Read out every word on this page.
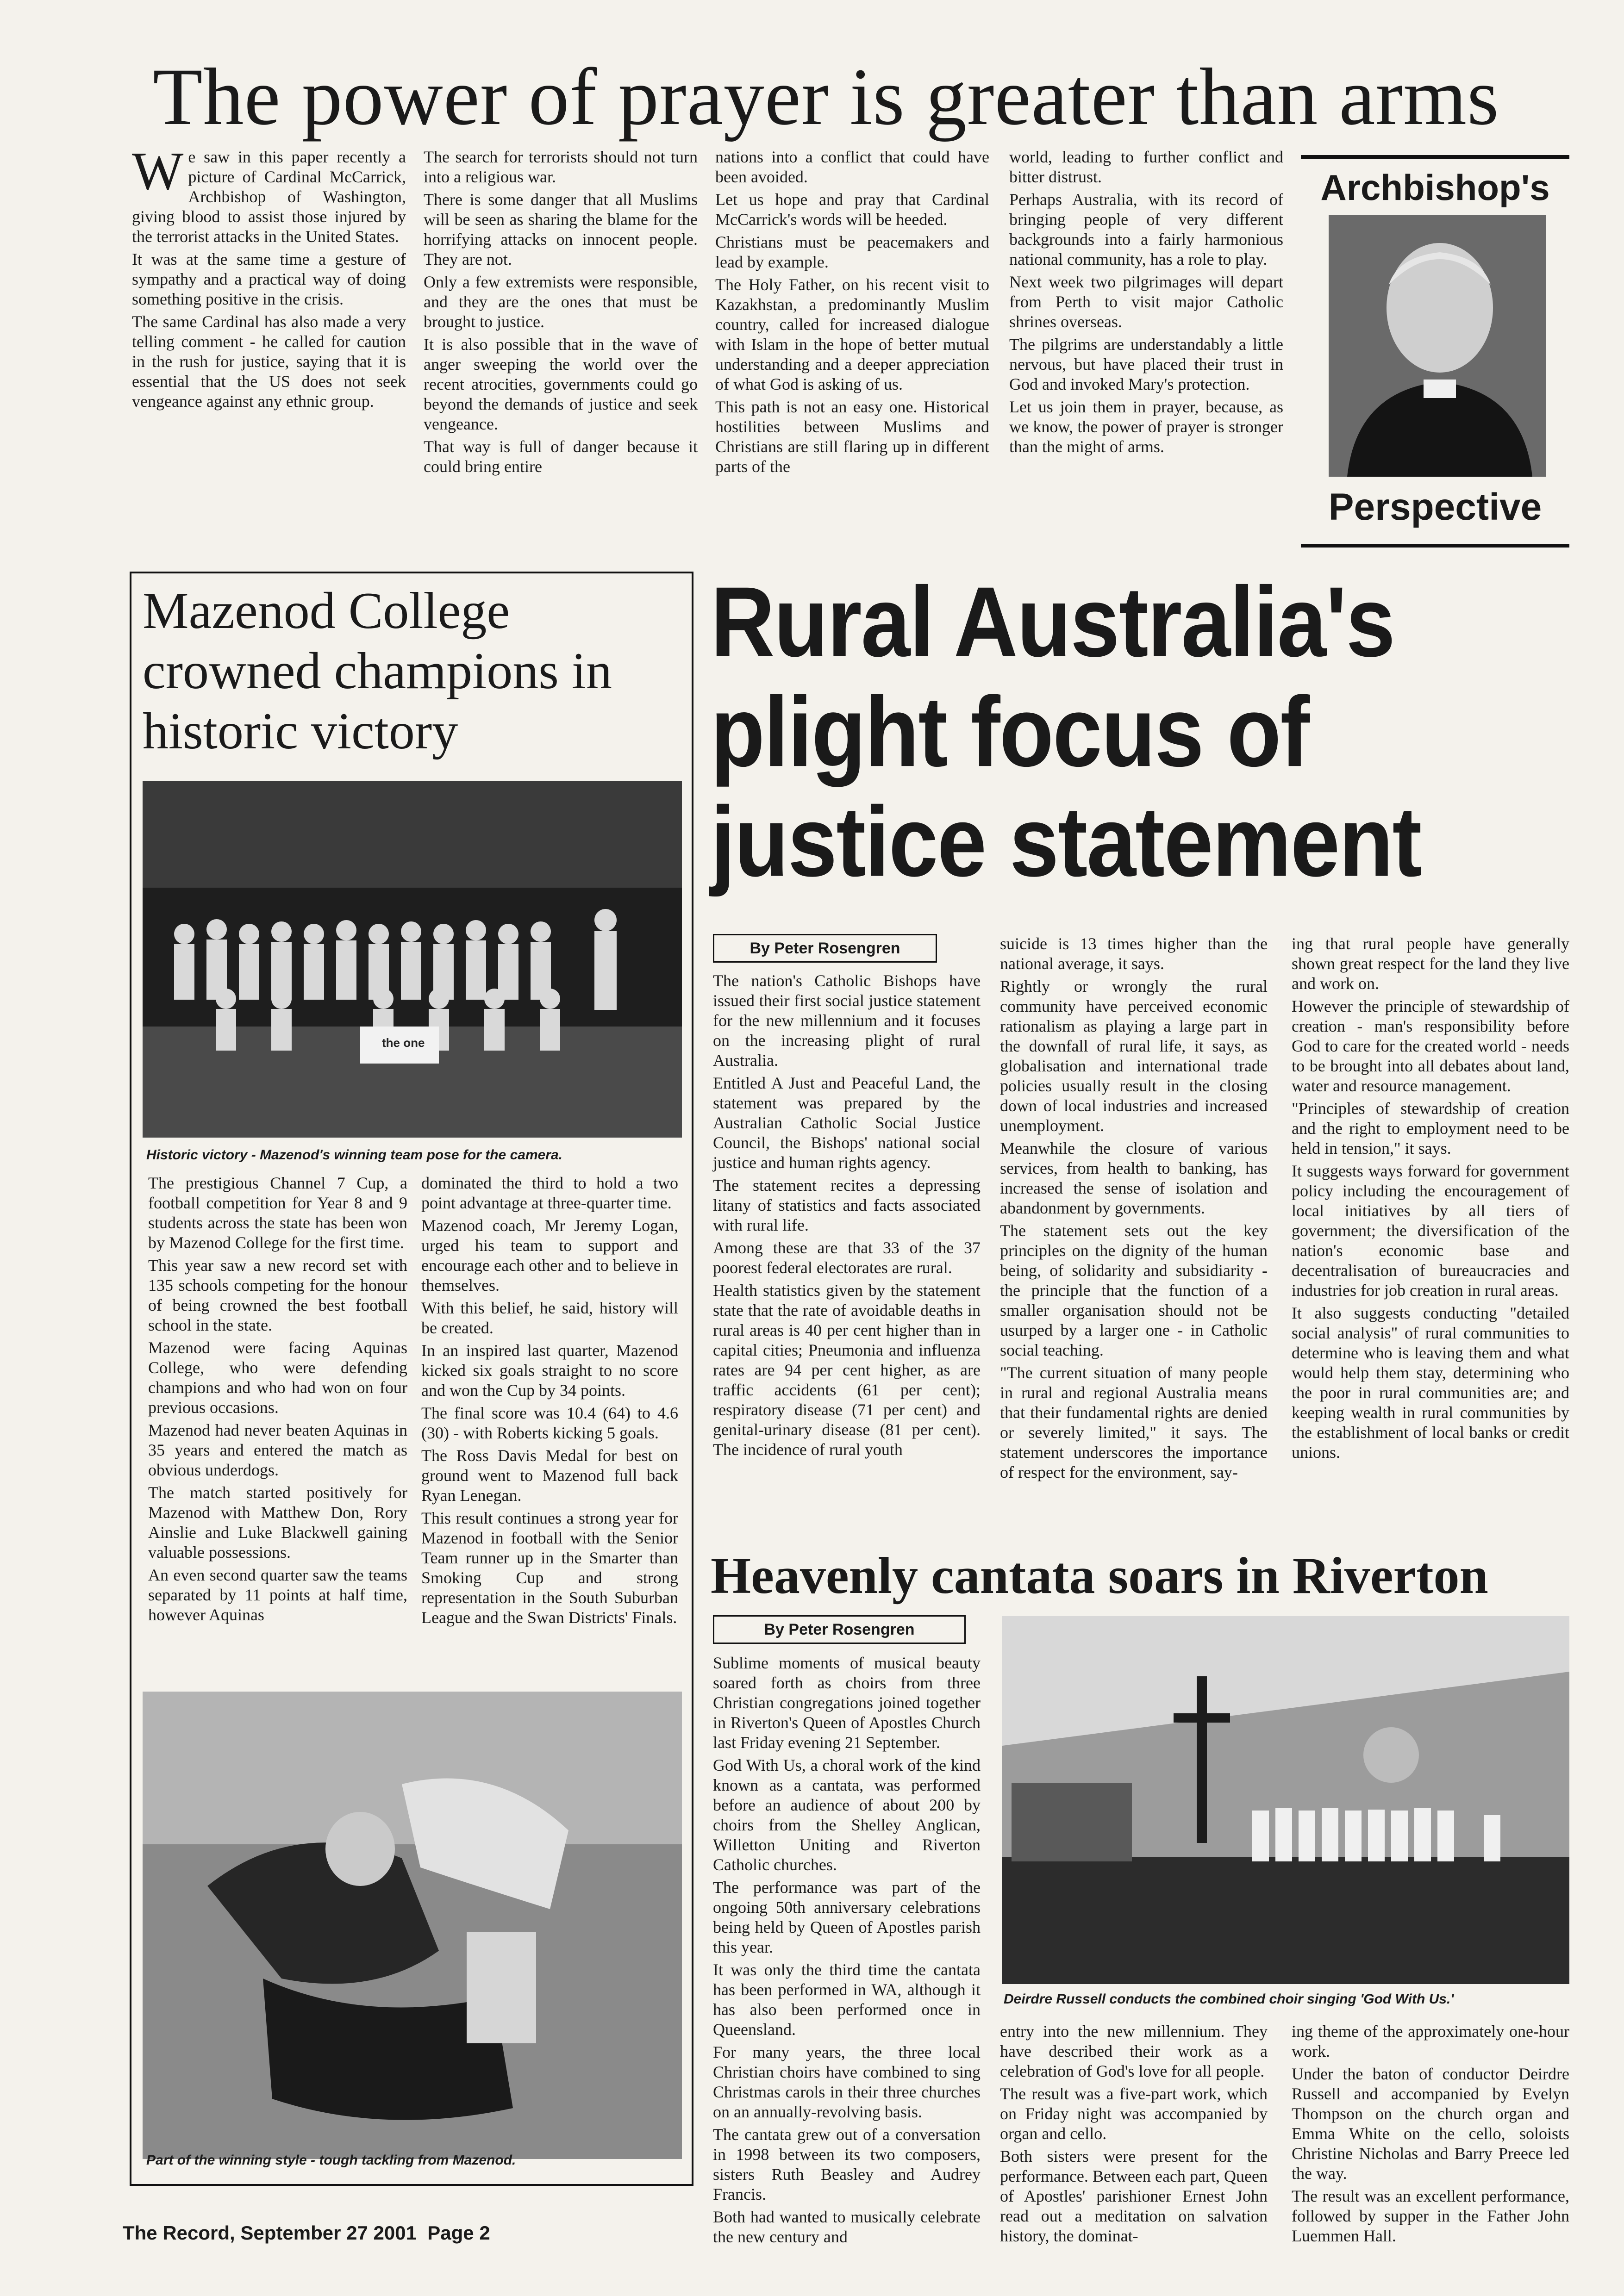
The power of prayer is greater than arms

We saw in this paper recently a picture of Cardinal McCarrick, Archbishop of Washington, giving blood to assist those injured by the terrorist attacks in the United States.

It was at the same time a gesture of sympathy and a practical way of doing something positive in the crisis.

The same Cardinal has also made a very telling comment - he called for caution in the rush for justice, saying that it is essential that the US does not seek vengeance against any ethnic group.

The search for terrorists should not turn into a religious war.

There is some danger that all Muslims will be seen as sharing the blame for the horrifying attacks on innocent people. They are not.

Only a few extremists were responsible, and they are the ones that must be brought to justice.

It is also possible that in the wave of anger sweeping the world over the recent atrocities, governments could go beyond the demands of justice and seek vengeance.

That way is full of danger because it could bring entire

nations into a conflict that could have been avoided.

Let us hope and pray that Cardinal McCarrick's words will be heeded.

Christians must be peacemakers and lead by example.

The Holy Father, on his recent visit to Kazakhstan, a predominantly Muslim country, called for increased dialogue with Islam in the hope of better mutual understanding and a deeper appreciation of what God is asking of us.

This path is not an easy one. Historical hostilities between Muslims and Christians are still flaring up in different parts of the

world, leading to further conflict and bitter distrust.

Perhaps Australia, with its record of bringing people of very different backgrounds into a fairly harmonious national community, has a role to play.

Next week two pilgrimages will depart from Perth to visit major Catholic shrines overseas.

The pilgrims are understandably a little nervous, but have placed their trust in God and invoked Mary's protection.

Let us join them in prayer, because, as we know, the power of prayer is stronger than the might of arms.

Archbishop's
Perspective
Mazenod College crowned champions in historic victory
the one
Historic victory - Mazenod's winning team pose for the camera.

The prestigious Channel 7 Cup, a football competition for Year 8 and 9 students across the state has been won by Mazenod College for the first time.

This year saw a new record set with 135 schools competing for the honour of being crowned the best football school in the state.

Mazenod were facing Aquinas College, who were defending champions and who had won on four previous occasions.

Mazenod had never beaten Aquinas in 35 years and entered the match as obvious underdogs.

The match started positively for Mazenod with Matthew Don, Rory Ainslie and Luke Blackwell gaining valuable possessions.

An even second quarter saw the teams separated by 11 points at half time, however Aquinas

dominated the third to hold a two point advantage at three-quarter time.

Mazenod coach, Mr Jeremy Logan, urged his team to support and encourage each other and to believe in themselves.

With this belief, he said, history will be created.

In an inspired last quarter, Mazenod kicked six goals straight to no score and won the Cup by 34 points.

The final score was 10.4 (64) to 4.6 (30) - with Roberts kicking 5 goals.

The Ross Davis Medal for best on ground went to Mazenod full back Ryan Lenegan.

This result continues a strong year for Mazenod in football with the Senior Team runner up in the Smarter than Smoking Cup and strong representation in the South Suburban League and the Swan Districts' Finals.

Part of the winning style - tough tackling from Mazenod.
Rural Australia's plight focus of justice statement
By Peter Rosengren

The nation's Catholic Bishops have issued their first social justice statement for the new millennium and it focuses on the increasing plight of rural Australia.

Entitled A Just and Peaceful Land, the statement was prepared by the Australian Catholic Social Justice Council, the Bishops' national social justice and human rights agency.

The statement recites a depressing litany of statistics and facts associated with rural life.

Among these are that 33 of the 37 poorest federal electorates are rural.

Health statistics given by the statement state that the rate of avoidable deaths in rural areas is 40 per cent higher than in capital cities; Pneumonia and influenza rates are 94 per cent higher, as are traffic accidents (61 per cent); respiratory disease (71 per cent) and genital-urinary disease (81 per cent). The incidence of rural youth

suicide is 13 times higher than the national average, it says.

Rightly or wrongly the rural community have perceived economic rationalism as playing a large part in the downfall of rural life, it says, as globalisation and international trade policies usually result in the closing down of local industries and increased unemployment.

Meanwhile the closure of various services, from health to banking, has increased the sense of isolation and abandonment by governments.

The statement sets out the key principles on the dignity of the human being, of solidarity and subsidiarity - the principle that the function of a smaller organisation should not be usurped by a larger one - in Catholic social teaching.

"The current situation of many people in rural and regional Australia means that their fundamental rights are denied or severely limited," it says. The statement underscores the importance of respect for the environment, say-

ing that rural people have generally shown great respect for the land they live and work on.

However the principle of stewardship of creation - man's responsibility before God to care for the created world - needs to be brought into all debates about land, water and resource management.

"Principles of stewardship of creation and the right to employment need to be held in tension," it says.

It suggests ways forward for government policy including the encouragement of local initiatives by all tiers of government; the diversification of the nation's economic base and decentralisation of bureaucracies and industries for job creation in rural areas.

It also suggests conducting "detailed social analysis" of rural communities to determine who is leaving them and what would help them stay, determining who the poor in rural communities are; and keeping wealth in rural communities by the establishment of local banks or credit unions.

Heavenly cantata soars in Riverton
By Peter Rosengren

Sublime moments of musical beauty soared forth as choirs from three Christian congregations joined together in Riverton's Queen of Apostles Church last Friday evening 21 September.

God With Us, a choral work of the kind known as a cantata, was performed before an audience of about 200 by choirs from the Shelley Anglican, Willetton Uniting and Riverton Catholic churches.

The performance was part of the ongoing 50th anniversary celebrations being held by Queen of Apostles parish this year.

It was only the third time the cantata has been performed in WA, although it has also been performed once in Queensland.

For many years, the three local Christian choirs have combined to sing Christmas carols in their three churches on an annually-revolving basis.

The cantata grew out of a conversation in 1998 between its two composers, sisters Ruth Beasley and Audrey Francis.

Both had wanted to musically celebrate the new century and

Deirdre Russell conducts the combined choir singing 'God With Us.'

entry into the new millennium. They have described their work as a celebration of God's love for all people.

The result was a five-part work, which on Friday night was accompanied by organ and cello.

Both sisters were present for the performance. Between each part, Queen of Apostles' parishioner Ernest John read out a meditation on salvation history, the dominat-

ing theme of the approximately one-hour work.

Under the baton of conductor Deirdre Russell and accompanied by Evelyn Thompson on the church organ and Emma White on the cello, soloists Christine Nicholas and Barry Preece led the way.

The result was an excellent performance, followed by supper in the Father John Luemmen Hall.

The Record, September 27 2001  Page 2
